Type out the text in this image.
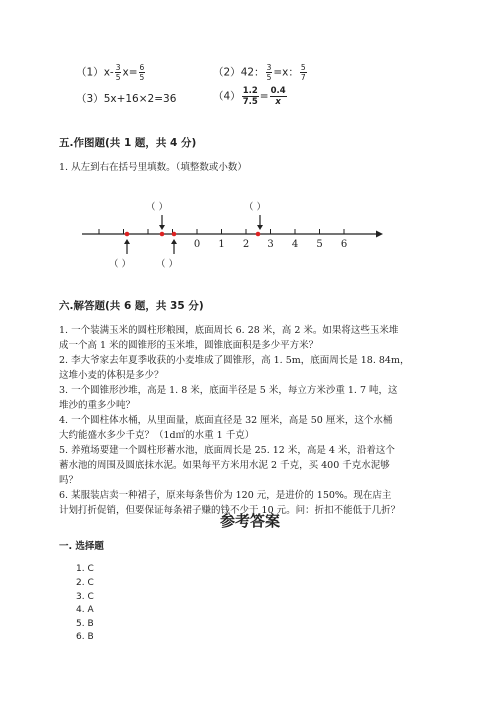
$(1)x- \frac{3}{5} x= \frac{6}{5}$	（2）42： $\frac{3}{5} =x$： $\frac{5}{7}$
（3）5x+16×2=36	$(4) \frac{1.2}{7.5} = \frac{0.4}{x}$
五.作图题(共 1 题，共 4 分)
1. 从左到右在括号里填数。（填整数或小数）
0 1 2 3 4 5 6
（ ）	（ ）
（ ）	（ ）
六.解答题(共 6 题，共 35 分)
1. 一个装满玉米的圆柱形粮囤，底面周长 6. 28 米，高 2 米。如果将这些玉米堆
成一个高 1 米的圆锥形的玉米堆，圆锥底面积是多少平方米？
2. 李大爷家去年夏季收获的小麦堆成了圆锥形，高 1. 5m，底面周长是 18. 84m，
这堆小麦的体积是多少？
3. 一个圆锥形沙堆，高是 1. 8 米，底面半径是 5 米，每立方米沙重 1. 7 吨，这
堆沙的重多少吨？
4. 一个圆柱体水桶，从里面量，底面直径是 32 厘米，高是 50 厘米，这个水桶
大约能盛水多少千克？（1d㎡的水重 1 千克）
5. 养殖场要建一个圆柱形蓄水池，底面周长是 25. 12 米，高是 4 米，沿着这个
蓄水池的周围及圆底抹水泥。如果每平方米用水泥 2 千克，买 400 千克水泥够
吗？
6. 某服装店卖一种裙子，原来每条售价为 120 元，是进价的 150%。现在店主
计划打折促销，但要保证每条裙子赚的钱不少于 10 元。问：折扣不能低于几折？
参考答案
一. 选择题
1. C
2. C
3. C
4. A
5. B
6. B
